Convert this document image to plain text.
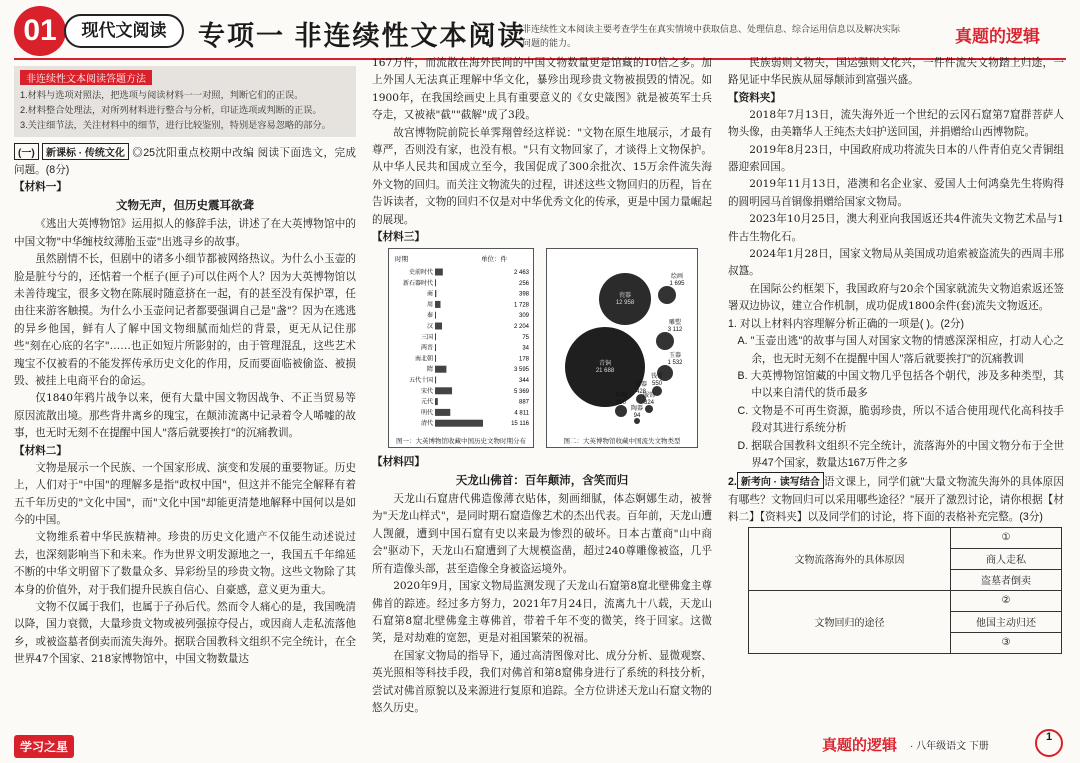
01	现代文阅读	专项一 非连续性文本阅读
非连续性文本阅读主要考查学生在真实情境中获取信息、处理信息、综合运用信息以及解决实际问题的能力。	真题的逻辑
非连续性文本阅读答题方法
1.材料与选项对照法，把选项与阅读材料一一对照，判断它们的正误。
2.材料整合处理法，对所列材料进行整合与分析，印证选项或判断的正误。
3.关注细节法，关注材料中的细节，进行比较鉴别，特别是容易忽略的部分。
(一) 新课标 · 传统文化 ◎25沈阳重点校期中改编 阅读下面选文，完成问题。(8分)
【材料一】
文物无声，但历史震耳欲聋

《逃出大英博物馆》运用拟人的修辞手法，讲述了在大英博物馆中的中国文物"中华缠枝纹薄胎玉壶"出逃寻乡的故事。

虽然剧情不长，但剧中的诸多小细节都被网络热议。为什么小玉壶的脸是脏兮兮的，还惦着一个框子(匣子)可以住两个人？因为大英博物馆以未善待瑰宝，很多文物在陈展时随意挤在一起，有的甚至没有保护罩，任由往来游客触摸。为什么小玉壶问记者都要强调自己是"盏"？因为在逃逃的异乡他国，鲜有人了解中国文物细腻而灿烂的背景，更无从记住那些"刻在心底的名字"……也正如短片所影射的，由于管理混乱，这些艺术瑰宝不仅被看的不能发挥传承历史文化的作用，反而要面临被偷盗、被损毁、被挂上电商平台的命运。

仅1840年鸦片战争以来，便有大量中国文物因战争、不正当贸易等原因流散出境。那些背井离乡的瑰宝，在颠沛流离中记录着令人唏嘘的故事，也无时无刻不在提醒中国人"落后就要挨打"的沉痛教训。

【材料二】

文物是展示一个民族、一个国家形成、演变和发展的重要物证。历史上，人们对于"中国"的理解多是指"政权中国"，但这并不能完全解释有着五千年历史的"文化中国"，而"文化中国"却能更清楚地解释中国何以是如今的中国。

文物维系着中华民族精神。珍贵的历史文化遗产不仅能生动述说过去，也深刻影响当下和未来。作为世界文明发源地之一，我国五千年绵延不断的中华文明留下了数量众多、异彩纷呈的珍贵文物。这些文物除了其本身的价值外，对于我们提升民族自信心、自豪感，意义更为重大。

文物不仅属于我们，也属于子孙后代。然而令人痛心的是，我国晚清以降，国力衰微，大量珍贵文物或被列强掠夺侵占，或因商人走私流落他乡，或被盗墓者倒卖而流失海外。据联合国教科文组织不完全统计，在全世界47个国家、218家博物馆中，中国文物数量达

167万件，而流散在海外民间的中国文物数量更是馆藏的10倍之多。加上外国人无法真正理解中华文化，暴殄出现珍贵文物被损毁的情况。如1900年，在我国绘画史上具有重要意义的《女史箴图》就是被英军士兵夺走，又被裱"截""截解"成了3段。

故宫博物院前院长单霁翔曾经这样说："文物在原生地展示，才最有尊严，否则没有家，也没有根。"只有文物回家了，才谈得上文物保护。从中华人民共和国成立至今，我国促成了300余批次、15万余件流失海外文物的回归。而关注文物流失的过程，讲述这些文物回归的历程，旨在告诉读者，文物的回归不仅是对中华优秀文化的传承，更是中国力量崛起的展现。

【材料三】
时期	单位：件
史前时代	2 463
新石器时代	256
商	398
周	1 728
秦	309
汉	2 204
三国	75
两晋	34
南北朝	178
隋	3 595
五代十国	344
宋代	5 369
元代	887
明代	4 811
清代	15 116
图一：大英博物馆收藏中国历史文物时期分布
瓷器
12 958
青铜
21 688
雕塑
3 112
绘画
1 695
玉器
1 532
钱币
550
漆器
428
服饰
324
其他
250
陶器
94
图二：大英博物馆收藏中国流失文物类型
【材料四】
天龙山佛首：百年颠沛，含笑而归

天龙山石窟唐代佛造像薄衣贴体，刻画细腻，体态婀娜生动，被誉为"天龙山样式"，是同时期石窟造像艺术的杰出代表。百年前，天龙山遭人觊觎，遭到中国石窟有史以来最为惨烈的破坏。日本古董商"山中商会"驱动下，天龙山石窟遭到了大规模盗凿，超过240尊雕像被盗，几乎所有造像头部，甚至造像全身被盗运境外。

2020年9月，国家文物局监测发现了天龙山石窟第8窟北壁佛龛主尊佛首的踪迹。经过多方努力，2021年7月24日，流离九十八载，天龙山石窟第8窟北壁佛龛主尊佛首，带着千年不变的微笑，终于回家。这微笑，是对劫难的宽恕，更是对祖国繁荣的祝福。

在国家文物局的指导下，通过高清图像对比、成分分析、显微观察、英光照相等科技手段，我们对佛首和第8窟佛身进行了系统的科技分析，尝试对佛首原貌以及来源进行复原和追踪。全方位讲述天龙山石窟文物的悠久历史。

民族弱则文物失，国运强则文化兴，一件件流失文物踏上归途，一路见证中华民族从屈辱颠沛到富强兴盛。

【资料夹】

2018年7月13日，流失海外近一个世纪的云冈石窟第7窟群菩萨人物头像，由美籍华人王纯杰夫妇护送回国，并捐赠给山西博物院。

2019年8月23日，中国政府成功将流失日本的八件青伯克父青铜组器迎索回国。

2019年11月13日，港澳和名企业家、爱国人士何鸿燊先生将购得的圆明园马首铜像捐赠给国家文物局。

2023年10月25日，澳大利亚向我国返还共4件流失文物艺术品与1件古生物化石。

2024年1月28日，国家文物局从美国成功追索被盗流失的西周丰邢叔簋。

在国际公约框架下，我国政府与20余个国家就流失文物追索返还签署双边协议，建立合作机制，成功促成1800余件(套)流失文物返还。

1. 对以上材料内容理解分析正确的一项是( )。(2分)
A. "玉壶出逃"的故事与国人对国家文物的情感深深相应，打动人心之余，也无时无刻不在提醒中国人"落后就要挨打"的沉痛教训
B. 大英博物馆馆藏的中国文物几乎包括各个朝代，涉及多种类型，其中以来自清代的货币最多
C. 文物是不可再生资源，脆弱珍贵，所以不适合使用现代化高科技手段对其进行系统分析
D. 据联合国教科文组织不完全统计，流落海外的中国文物分布于全世界47个国家，数量达167万件之多
2. 新考向 · 读写结合 语文课上，同学们就"大量文物流失海外的具体原因有哪些？文物回归可以采用哪些途径？"展开了激烈讨论，请你根据【材料二】【资料夹】以及同学们的讨论，将下面的表格补充完整。(3分)
文物流落海外的具体原因	①
	商人走私
	盗墓者倒卖
文物回归的途径	②
	他国主动归还
	③
学习之星	真题的逻辑 · 八年级语文 下册
1
